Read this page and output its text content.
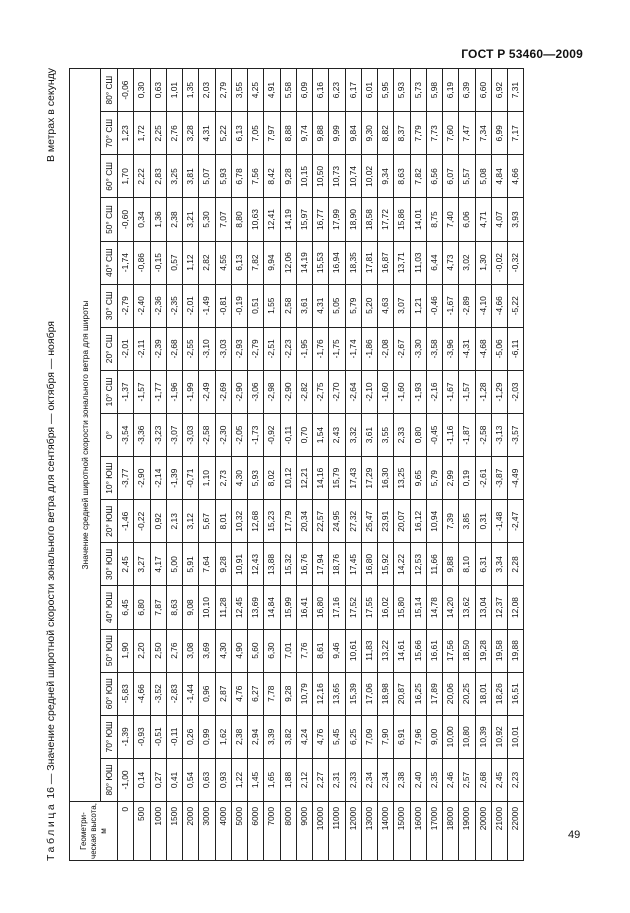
ГОСТ Р 53460—2009
Таблица 16 — Значение средней широтной скорости зонального ветра для сентября — октября — ноября
В метрах в секунду
Геометри-ческая высота, м	Значение средней широтной скорости зонального ветра для широты																
	80° ЮШ	70° ЮШ	60° ЮШ	50° ЮШ	40° ЮШ	30° ЮШ	20° ЮШ	10° ЮШ	0°	10° СШ	20° СШ	30° СШ	40° СШ	50° СШ	60° СШ	70° СШ	80° СШ
0	-1,00	-1,39	-5,83	1,90	6,45	2,45	-1,46	-3,77	-3,54	-1,37	-2,01	-2,79	-1,74	-0,60	1,70	1,23	-0,06
500	0,14	-0,93	-4,66	2,20	6,80	3,27	-0,22	-2,90	-3,36	-1,57	-2,11	-2,40	-0,86	0,34	2,22	1,72	0,30
1000	0,27	-0,51	-3,52	2,50	7,87	4,17	0,92	-2,14	-3,23	-1,77	-2,39	-2,36	-0,15	1,36	2,83	2,25	0,63
1500	0,41	-0,11	-2,83	2,76	8,63	5,00	2,13	-1,39	-3,07	-1,96	-2,68	-2,35	0,57	2,38	3,25	2,76	1,01
2000	0,54	0,26	-1,44	3,08	9,08	5,91	3,12	-0,71	-3,03	-1,99	-2,55	-2,01	1,12	3,21	3,81	3,28	1,35
3000	0,63	0,99	0,96	3,69	10,10	7,64	5,67	1,10	-2,58	-2,49	-3,10	-1,49	2,82	5,30	5,07	4,31	2,03
4000	0,93	1,62	2,87	4,30	11,28	9,28	8,01	2,73	-2,30	-2,69	-3,03	-0,81	4,55	7,07	5,93	5,22	2,79
5000	1,22	2,38	4,76	4,90	12,45	10,91	10,32	4,30	-2,05	-2,90	-2,93	-0,19	6,13	8,80	6,78	6,13	3,55
6000	1,45	2,94	6,27	5,60	13,69	12,43	12,68	5,93	-1,73	-3,06	-2,79	0,51	7,82	10,63	7,56	7,05	4,25
7000	1,65	3,39	7,78	6,30	14,84	13,88	15,23	8,02	-0,92	-2,98	-2,51	1,55	9,94	12,41	8,42	7,97	4,91
8000	1,88	3,82	9,28	7,01	15,99	15,32	17,79	10,12	-0,11	-2,90	-2,23	2,58	12,06	14,19	9,28	8,88	5,58
9000	2,12	4,24	10,79	7,76	16,41	16,76	20,34	12,21	0,70	-2,82	-1,95	3,61	14,19	15,97	10,15	9,74	6,09
10000	2,27	4,76	12,16	8,61	16,80	17,94	22,57	14,16	1,54	-2,75	-1,76	4,31	15,53	16,77	10,50	9,88	6,16
11000	2,31	5,45	13,65	9,46	17,16	18,76	24,95	15,79	2,43	-2,70	-1,75	5,05	16,94	17,99	10,73	9,99	6,23
12000	2,33	6,25	15,39	10,61	17,52	17,45	27,32	17,43	3,32	-2,64	-1,74	5,79	18,35	18,90	10,74	9,84	6,17
13000	2,34	7,09	17,06	11,83	17,55	16,80	25,47	17,29	3,61	-2,10	-1,86	5,20	17,81	18,58	10,02	9,30	6,01
14000	2,34	7,90	18,98	13,22	16,02	15,92	23,91	16,30	3,55	-1,60	-2,08	4,63	16,87	17,72	9,34	8,82	5,95
15000	2,38	6,91	20,87	14,61	15,80	14,22	20,07	13,25	2,33	-1,60	-2,67	3,07	13,71	15,86	8,63	8,37	5,93
16000	2,40	7,96	16,25	15,66	15,14	12,53	16,12	9,65	0,80	-1,93	-3,30	1,21	11,03	14,01	7,82	7,79	5,73
17000	2,35	9,00	17,89	16,61	14,78	11,66	10,94	5,79	-0,45	-2,16	-3,58	-0,46	6,44	8,75	6,56	7,73	5,98
18000	2,46	10,00	20,06	17,56	14,20	9,88	7,39	2,99	-1,16	-1,67	-3,96	-1,67	4,73	7,40	6,07	7,60	6,19
19000	2,57	10,80	20,25	18,50	13,62	8,10	3,85	0,19	-1,87	-1,57	-4,31	-2,89	3,02	6,06	5,57	7,47	6,39
20000	2,68	10,39	18,01	19,28	13,04	6,31	0,31	-2,61	-2,58	-1,28	-4,68	-4,10	1,30	4,71	5,08	7,34	6,60
21000	2,45	10,92	18,26	19,58	12,37	3,34	-1,48	-3,87	-3,13	-1,29	-5,06	-4,66	-0,02	4,07	4,84	6,99	6,92
22000	2,23	10,01	16,51	19,88	12,08	2,28	-2,47	-4,49	-3,57	-2,03	-6,11	-5,22	-0,32	3,93	4,66	7,17	7,31
49
